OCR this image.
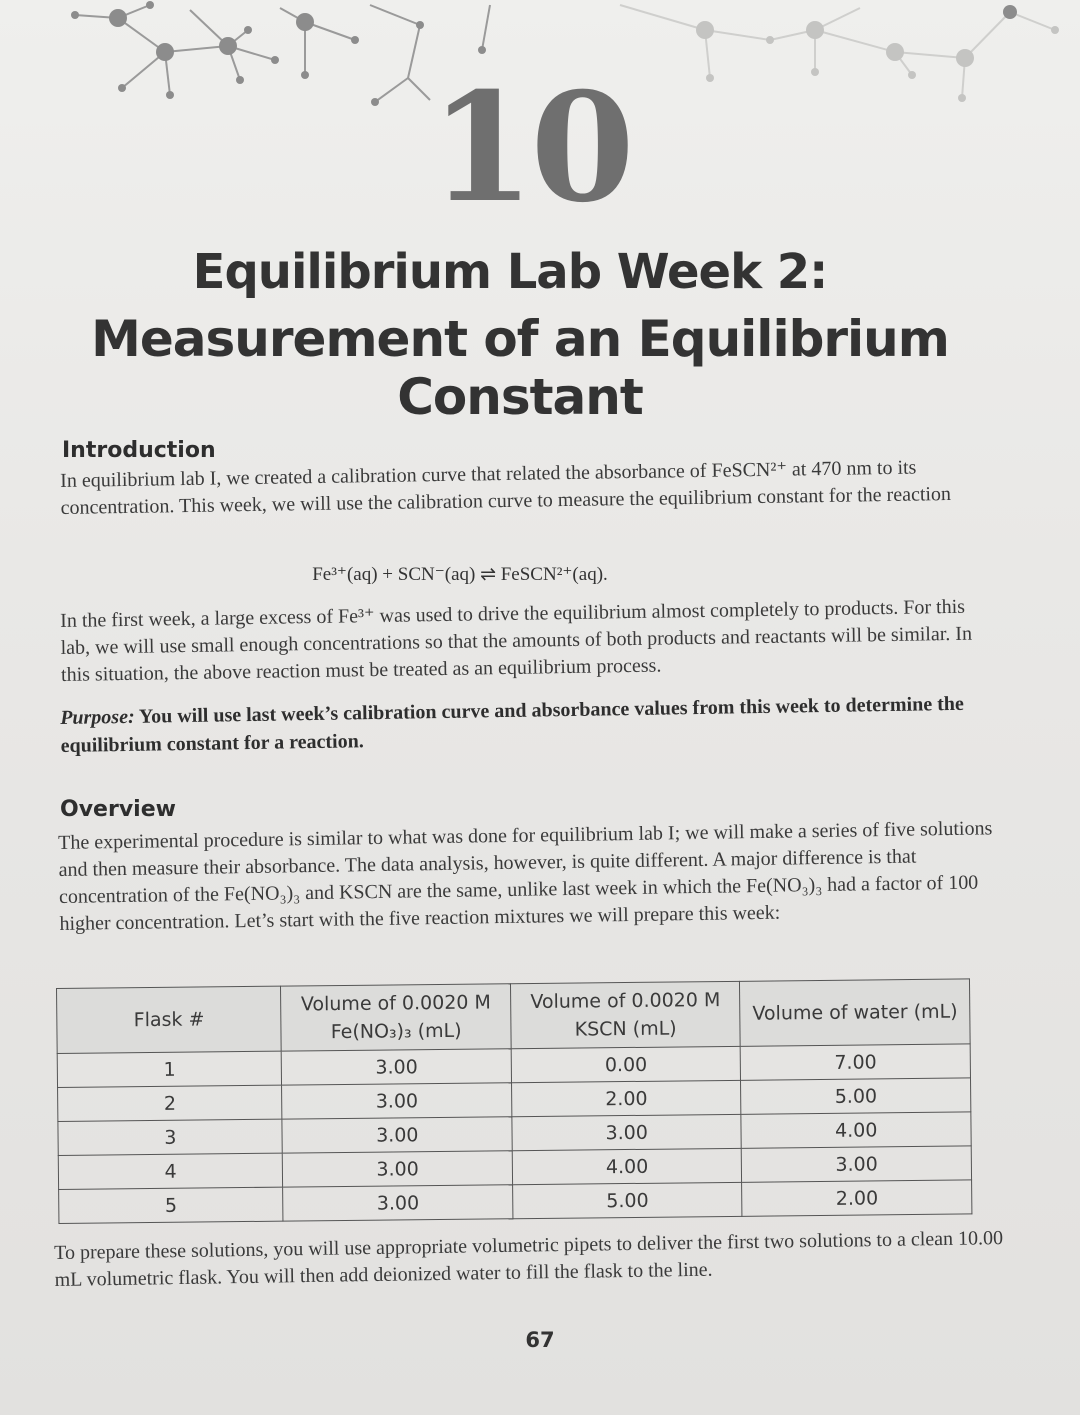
10
Equilibrium Lab Week 2:
Measurement of an Equilibrium Constant
Introduction
In equilibrium lab I, we created a calibration curve that related the absorbance of FeSCN²⁺ at 470 nm to its concentration. This week, we will use the calibration curve to measure the equilibrium constant for the reaction
Fe³⁺(aq) + SCN⁻(aq) ⇌ FeSCN²⁺(aq).
In the first week, a large excess of Fe³⁺ was used to drive the equilibrium almost completely to products. For this lab, we will use small enough concentrations so that the amounts of both products and reactants will be similar. In this situation, the above reaction must be treated as an equilibrium process.
Purpose: You will use last week’s calibration curve and absorbance values from this week to determine the equilibrium constant for a reaction.
Overview
The experimental procedure is similar to what was done for equilibrium lab I; we will make a series of five solutions and then measure their absorbance. The data analysis, however, is quite different. A major difference is that concentration of the Fe(NO₃)₃ and KSCN are the same, unlike last week in which the Fe(NO₃)₃ had a factor of 100 higher concentration. Let’s start with the five reaction mixtures we will prepare this week:
Flask #	Volume of 0.0020 M Fe(NO₃)₃ (mL)	Volume of 0.0020 M KSCN (mL)	Volume of water (mL)
1	3.00	0.00	7.00
2	3.00	2.00	5.00
3	3.00	3.00	4.00
4	3.00	4.00	3.00
5	3.00	5.00	2.00
To prepare these solutions, you will use appropriate volumetric pipets to deliver the first two solutions to a clean 10.00 mL volumetric flask. You will then add deionized water to fill the flask to the line.
67
